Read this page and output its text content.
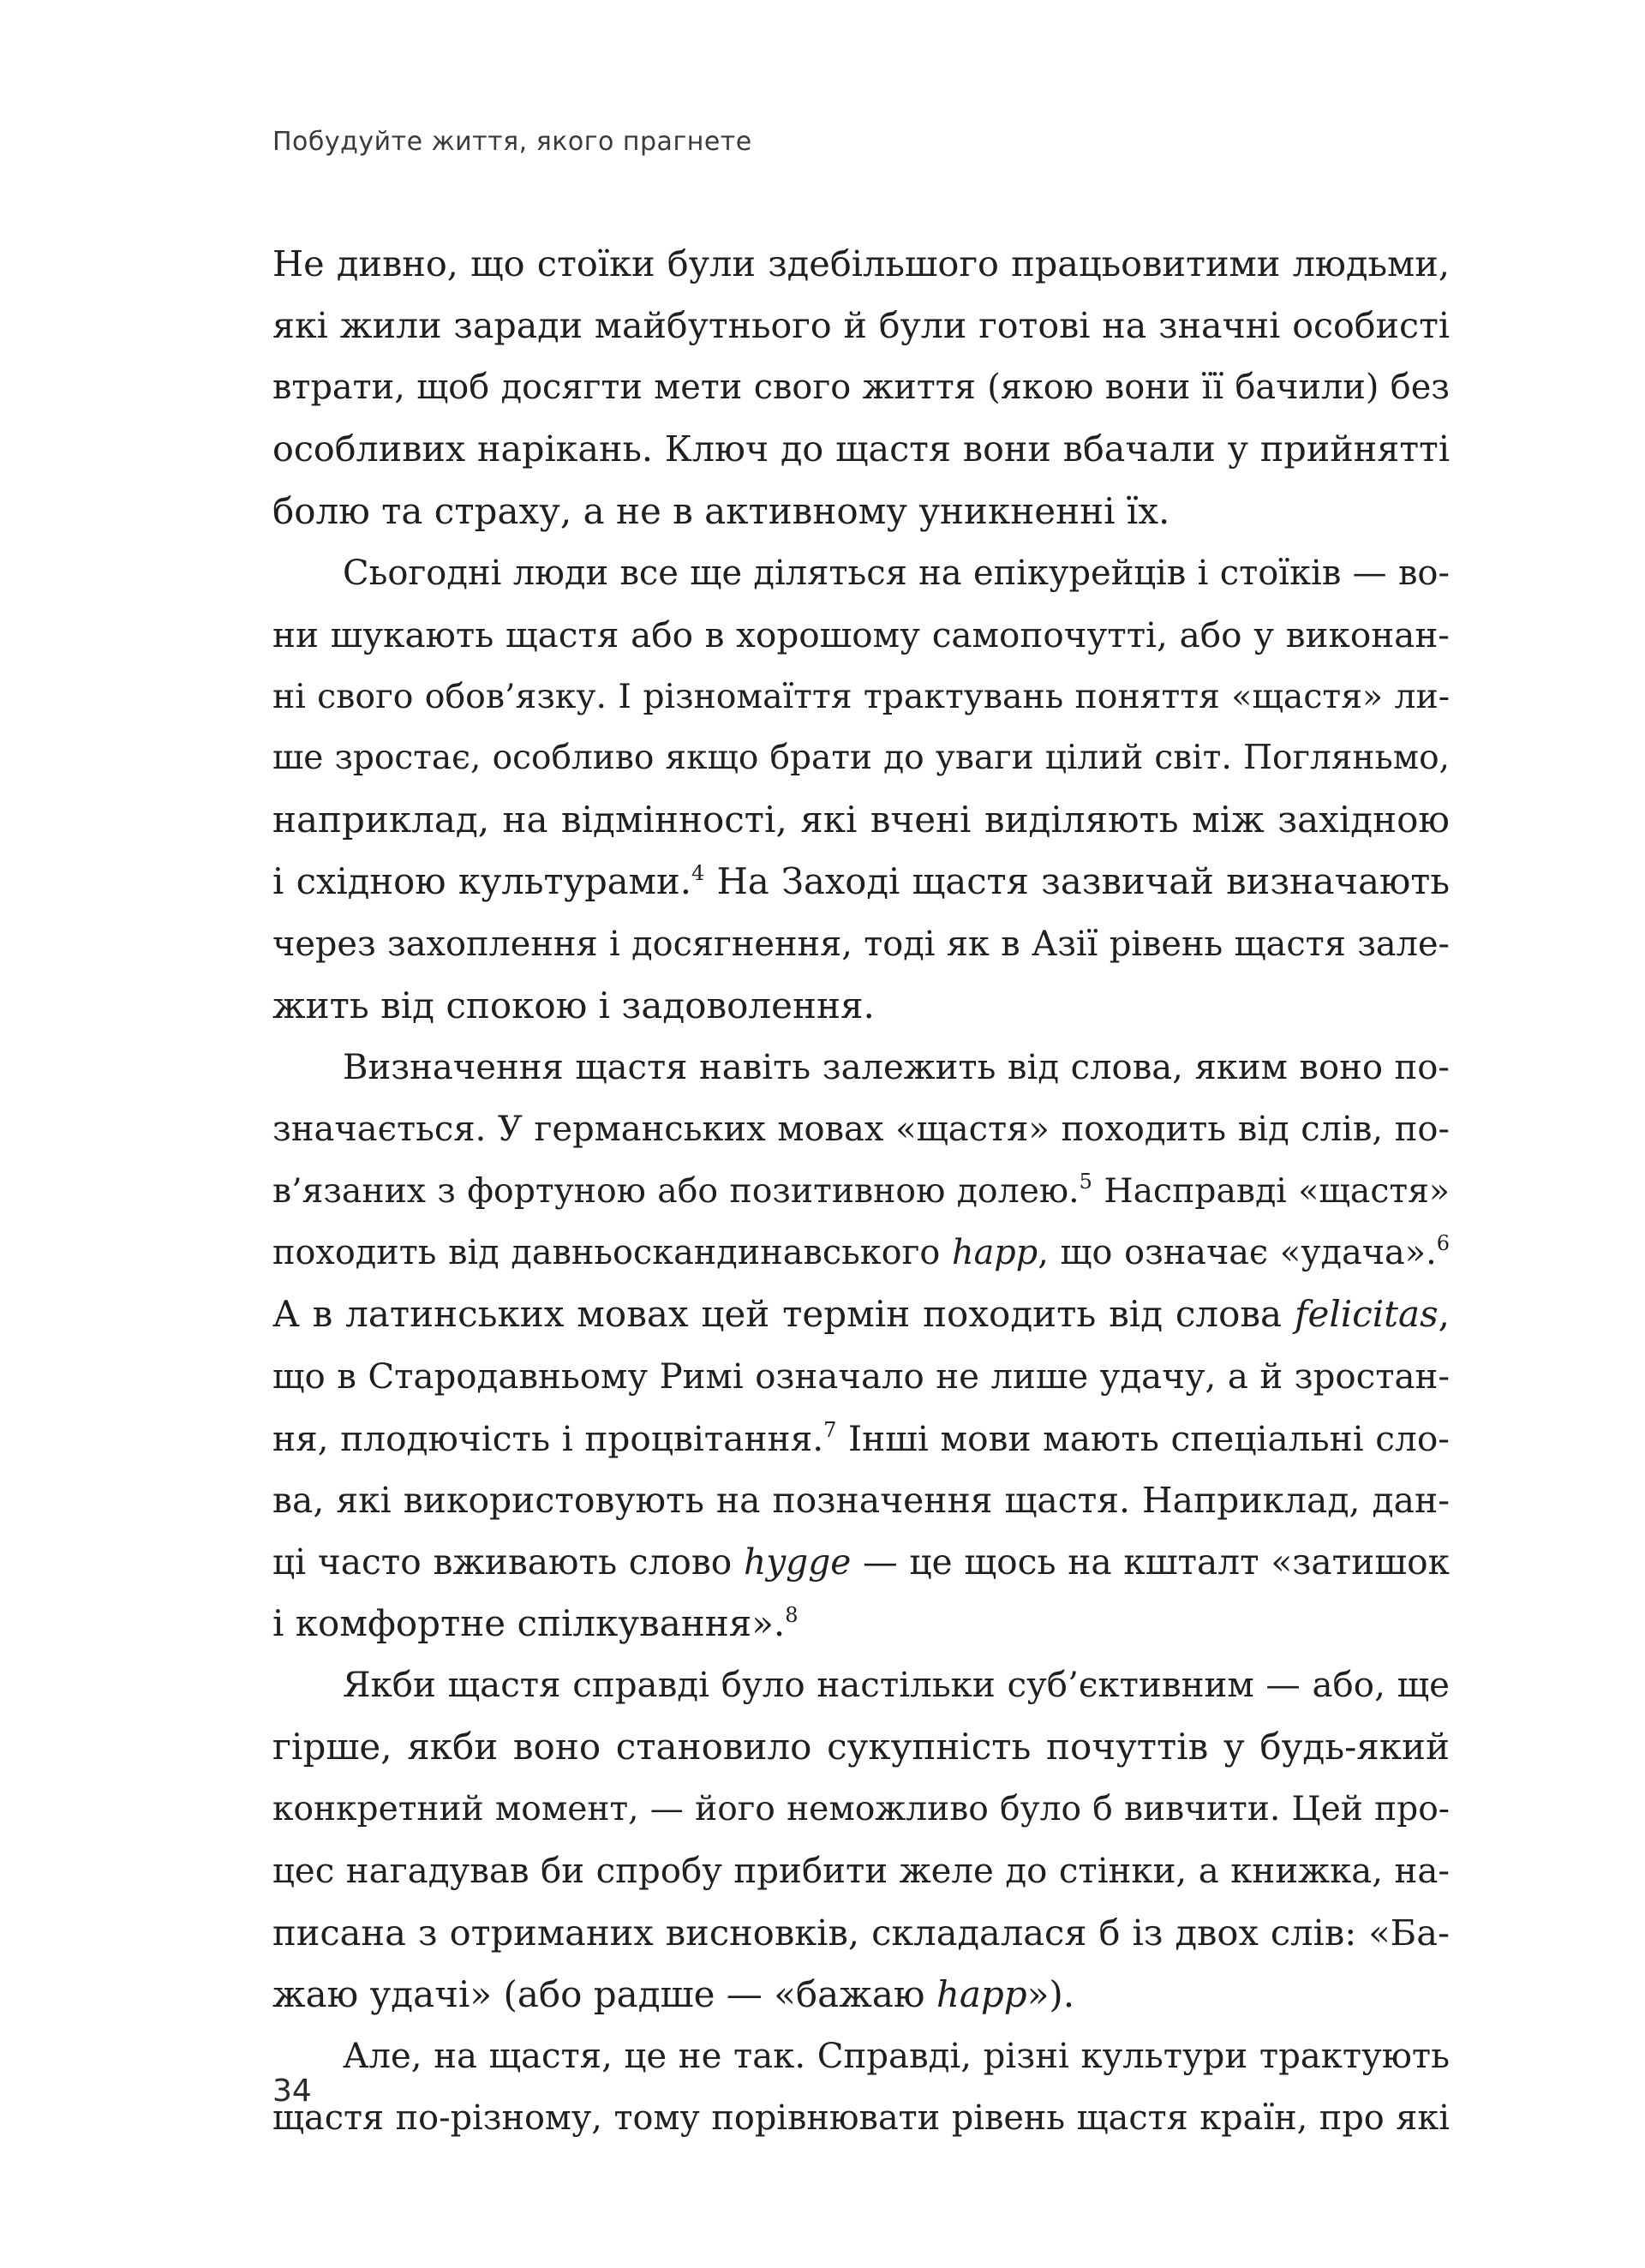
Побудуйте життя, якого прагнете
Не дивно, що стоїки були здебільшого працьовитими людьми,
які жили заради майбутнього й були готові на значні особисті
втрати, щоб досягти мети свого життя (якою вони її бачили) без
особливих нарікань. Ключ до щастя вони вбачали у прийнятті
болю та страху, а не в активному уникненні їх.
Сьогодні люди все ще діляться на епікурейців і стоїків — во-
ни шукають щастя або в хорошому самопочутті, або у виконан-
ні свого обов’язку. І різномаїття трактувань поняття «щастя» ли-
ше зростає, особливо якщо брати до уваги цілий світ. Погляньмо,
наприклад, на відмінності, які вчені виділяють між західною
і східною культурами.$^4$ На Заході щастя зазвичай визначають
через захоплення і досягнення, тоді як в Азії рівень щастя зале-
жить від спокою і задоволення.
Визначення щастя навіть залежить від слова, яким воно по-
значається. У германських мовах «щастя» походить від слів, по-
в’язаних з фортуною або позитивною долею.$^5$ Насправді «щастя»
походить від давньоскандинавського happ, що означає «удача».$^6$
А в латинських мовах цей термін походить від слова felicitas,
що в Стародавньому Римі означало не лише удачу, а й зростан-
ня, плодючість і процвітання.$^7$ Інші мови мають спеціальні сло-
ва, які використовують на позначення щастя. Наприклад, дан-
ці часто вживають слово hygge — це щось на кшталт «затишок
і комфортне спілкування».$^8$
Якби щастя справді було настільки суб’єктивним — або, ще
гірше, якби воно становило сукупність почуттів у будь-який
конкретний момент, — його неможливо було б вивчити. Цей про-
цес нагадував би спробу прибити желе до стінки, а книжка, на-
писана з отриманих висновків, складалася б із двох слів: «Ба-
жаю удачі» (або радше — «бажаю happ»).
Але, на щастя, це не так. Справді, різні культури трактують
щастя по-різному, тому порівнювати рівень щастя країн, про які
34
